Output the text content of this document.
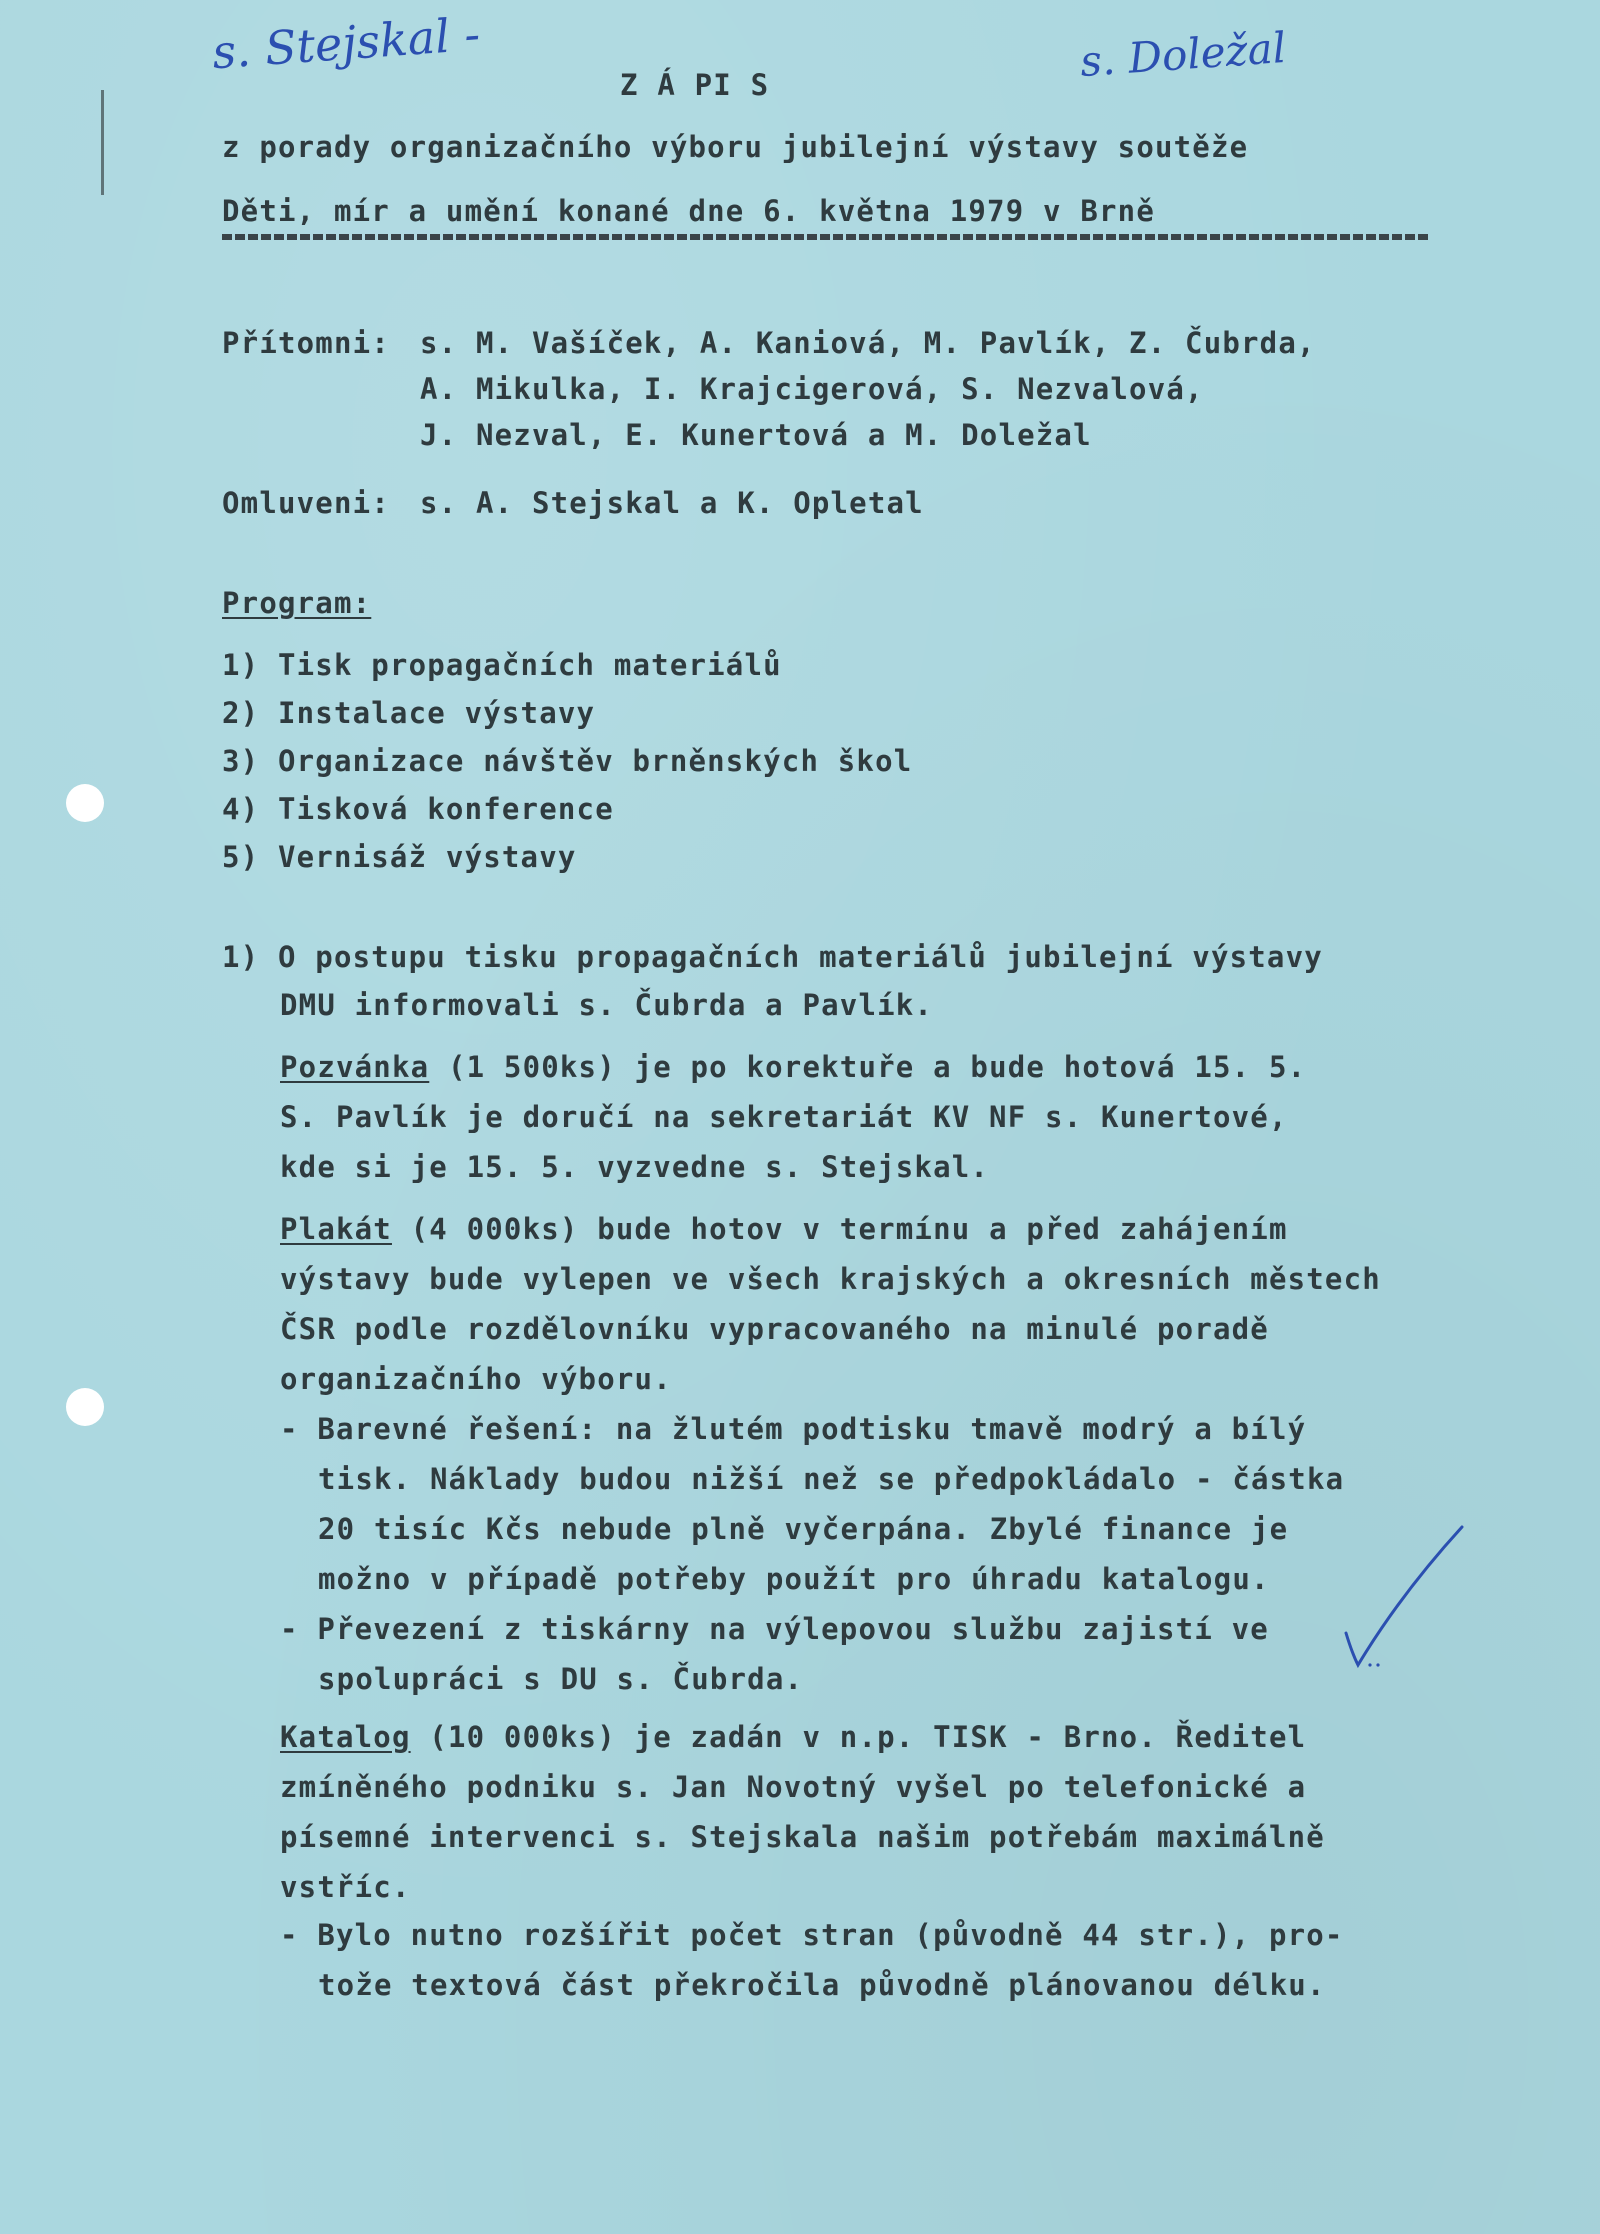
s. Stejskal -	s. Doležal
Z Á PI S
z porady organizačního výboru jubilejní výstavy soutěže
Děti, mír a umění konané dne 6. května 1979 v Brně
Přítomni: s. M. Vašíček, A. Kaniová, M. Pavlík, Z. Čubrda,
A. Mikulka, I. Krajcigerová, S. Nezvalová,
J. Nezval, E. Kunertová a M. Doležal
Omluveni: s. A. Stejskal a K. Opletal
Program:
1) Tisk propagačních materiálů
2) Instalace výstavy
3) Organizace návštěv brněnských škol
4) Tisková konference
5) Vernisáž výstavy
1) O postupu tisku propagačních materiálů jubilejní výstavy
DMU informovali s. Čubrda a Pavlík.
Pozvánka (1 500ks) je po korektuře a bude hotová 15. 5.
S. Pavlík je doručí na sekretariát KV NF s. Kunertové,
kde si je 15. 5. vyzvedne s. Stejskal.
Plakát (4 000ks) bude hotov v termínu a před zahájením
výstavy bude vylepen ve všech krajských a okresních městech
ČSR podle rozdělovníku vypracovaného na minulé poradě
organizačního výboru.
- Barevné řešení: na žlutém podtisku tmavě modrý a bílý
tisk. Náklady budou nižší než se předpokládalo - částka
20 tisíc Kčs nebude plně vyčerpána. Zbylé finance je
možno v případě potřeby použít pro úhradu katalogu.
- Převezení z tiskárny na výlepovou službu zajistí ve
spolupráci s DU s. Čubrda.
Katalog (10 000ks) je zadán v n.p. TISK - Brno. Ředitel
zmíněného podniku s. Jan Novotný vyšel po telefonické a
písemné intervenci s. Stejskala našim potřebám maximálně
vstříc.
- Bylo nutno rozšířit počet stran (původně 44 str.), pro-
tože textová část překročila původně plánovanou délku.
